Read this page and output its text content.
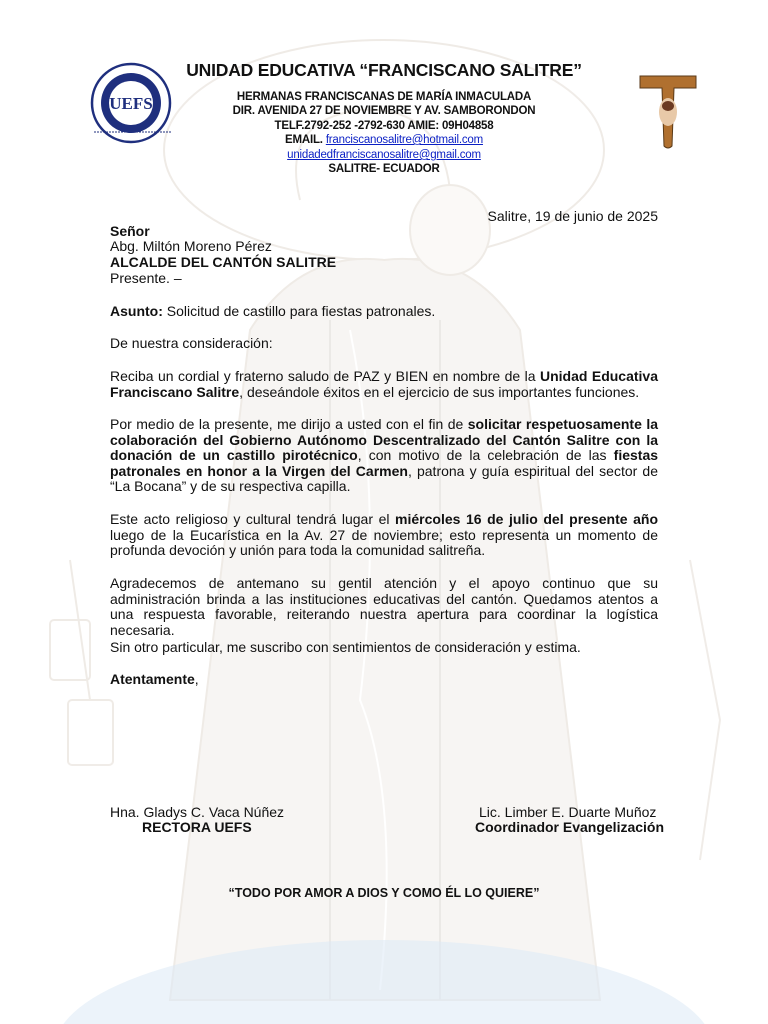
UEFS
UNIDAD EDUCATIVA “FRANCISCANO SALITRE”
HERMANAS FRANCISCANAS DE MARÍA INMACULADA
DIR. AVENIDA 27 DE NOVIEMBRE Y AV. SAMBORONDON
TELF.2792-252 -2792-630 AMIE: 09H04858
EMAIL. franciscanosalitre@hotmail.com
unidadedfranciscanosalitre@gmail.com
SALITRE- ECUADOR
Salitre, 19 de junio de 2025
Señor
Abg. Miltón Moreno Pérez
ALCALDE DEL CANTÓN SALITRE
Presente. –
Asunto: Solicitud de castillo para fiestas patronales.
De nuestra consideración:
Reciba un cordial y fraterno saludo de PAZ y BIEN en nombre de la Unidad Educativa Franciscano Salitre, deseándole éxitos en el ejercicio de sus importantes funciones.
Por medio de la presente, me dirijo a usted con el fin de solicitar respetuosamente la colaboración del Gobierno Autónomo Descentralizado del Cantón Salitre con la donación de un castillo pirotécnico, con motivo de la celebración de las fiestas patronales en honor a la Virgen del Carmen, patrona y guía espiritual del sector de “La Bocana” y de su respectiva capilla.
Este acto religioso y cultural tendrá lugar el miércoles 16 de julio del presente año luego de la Eucarística en la Av. 27 de noviembre; esto representa un momento de profunda devoción y unión para toda la comunidad salitreña.
Agradecemos de antemano su gentil atención y el apoyo continuo que su administración brinda a las instituciones educativas del cantón. Quedamos atentos a una respuesta favorable, reiterando nuestra apertura para coordinar la logística necesaria.
Sin otro particular, me suscribo con sentimientos de consideración y estima.
Atentamente,
Hna. Gladys C. Vaca Núñez
RECTORA UEFS
Lic. Limber E. Duarte Muñoz
Coordinador Evangelización
“TODO POR AMOR A DIOS Y COMO ÉL LO QUIERE”
